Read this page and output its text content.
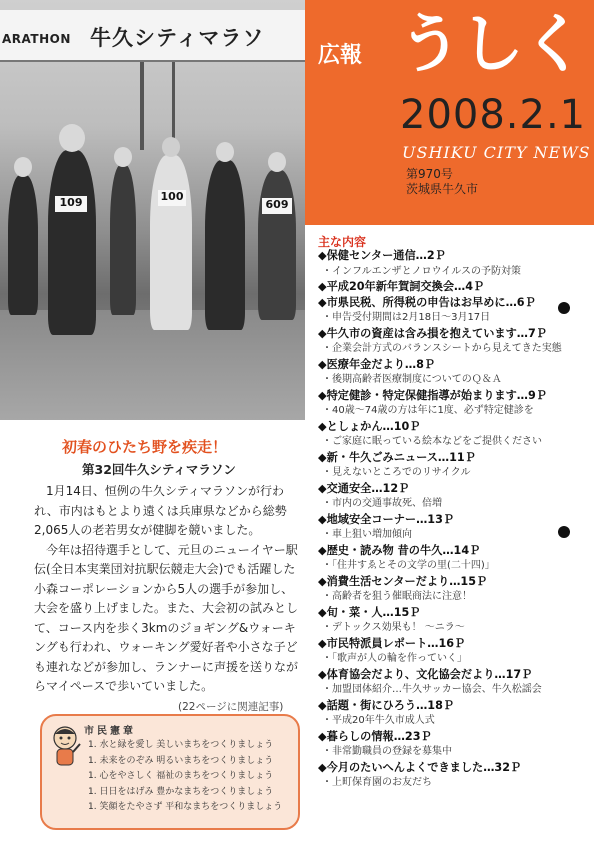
ARATHON 牛久シティマラソ
109	100
609
広報 うしく
2008.2.1
USHIKU CITY NEWS
第970号
茨城県牛久市
主な内容
◆保健センター通信…2Ｐ
・インフルエンザとノロウイルスの予防対策
◆平成20年新年賀詞交換会…4Ｐ
◆市県民税、所得税の申告はお早めに…6Ｐ
・申告受付期間は2月18日～3月17日
◆牛久市の資産は含み損を抱えています…7Ｐ
・企業会計方式のバランスシートから見えてきた実態
◆医療年金だより…8Ｐ
・後期高齢者医療制度についてのＱ＆Ａ
◆特定健診・特定保健指導が始まります…9Ｐ
・40歳～74歳の方は年に1度、必ず特定健診を
◆としょかん…10Ｐ
・ご家庭に眠っている絵本などをご提供ください
◆新・牛久ごみニュース…11Ｐ
・見えないところでのリサイクル
◆交通安全…12Ｐ
・市内の交通事故死、倍増
◆地域安全コーナー…13Ｐ
・車上狙い増加傾向
◆歴史・読み物 昔の牛久…14Ｐ
・「住井すゑとその文学の里(二十四)」
◆消費生活センターだより…15Ｐ
・高齢者を狙う催眠商法に注意！
◆旬・菜・人…15Ｐ
・デトックス効果も！ ～ニラ～
◆市民特派員レポート…16Ｐ
・「歌声が人の輪を作っていく」
◆体育協会だより、文化協会だより…17Ｐ
・加盟団体紹介…牛久サッカー協会、牛久松謡会
◆話題・街にひろう…18Ｐ
・平成20年牛久市成人式
◆暮らしの情報…23Ｐ
・非常勤職員の登録を募集中
◆今月のたいへんよくできました…32Ｐ
・上町保育園のお友だち
初春のひたち野を疾走！
第32回牛久シティマラソン

1月14日、恒例の牛久シティマラソンが行われ、市内はもとより遠くは兵庫県などから総勢2,065人の老若男女が健脚を競いました。

今年は招待選手として、元旦のニューイヤー駅伝(全日本実業団対抗駅伝競走大会)でも活躍した小森コーポレーションから5人の選手が参加し、大会を盛り上げました。また、大会初の試みとして、コース内を歩く3kmのジョギング&ウォーキングも行われ、ウォーキング愛好者や小さな子ども連れなどが参加し、ランナーに声援を送りながらマイペースで歩いていました。

(22ページに関連記事)
市民憲章
1. 水と緑を愛し 美しいまちをつくりましょう
1. 未来をのぞみ 明るいまちをつくりましょう
1. 心をやさしく 福祉のまちをつくりましょう
1. 日日をはげみ 豊かなまちをつくりましょう
1. 笑顔をたやさず 平和なまちをつくりましょう
